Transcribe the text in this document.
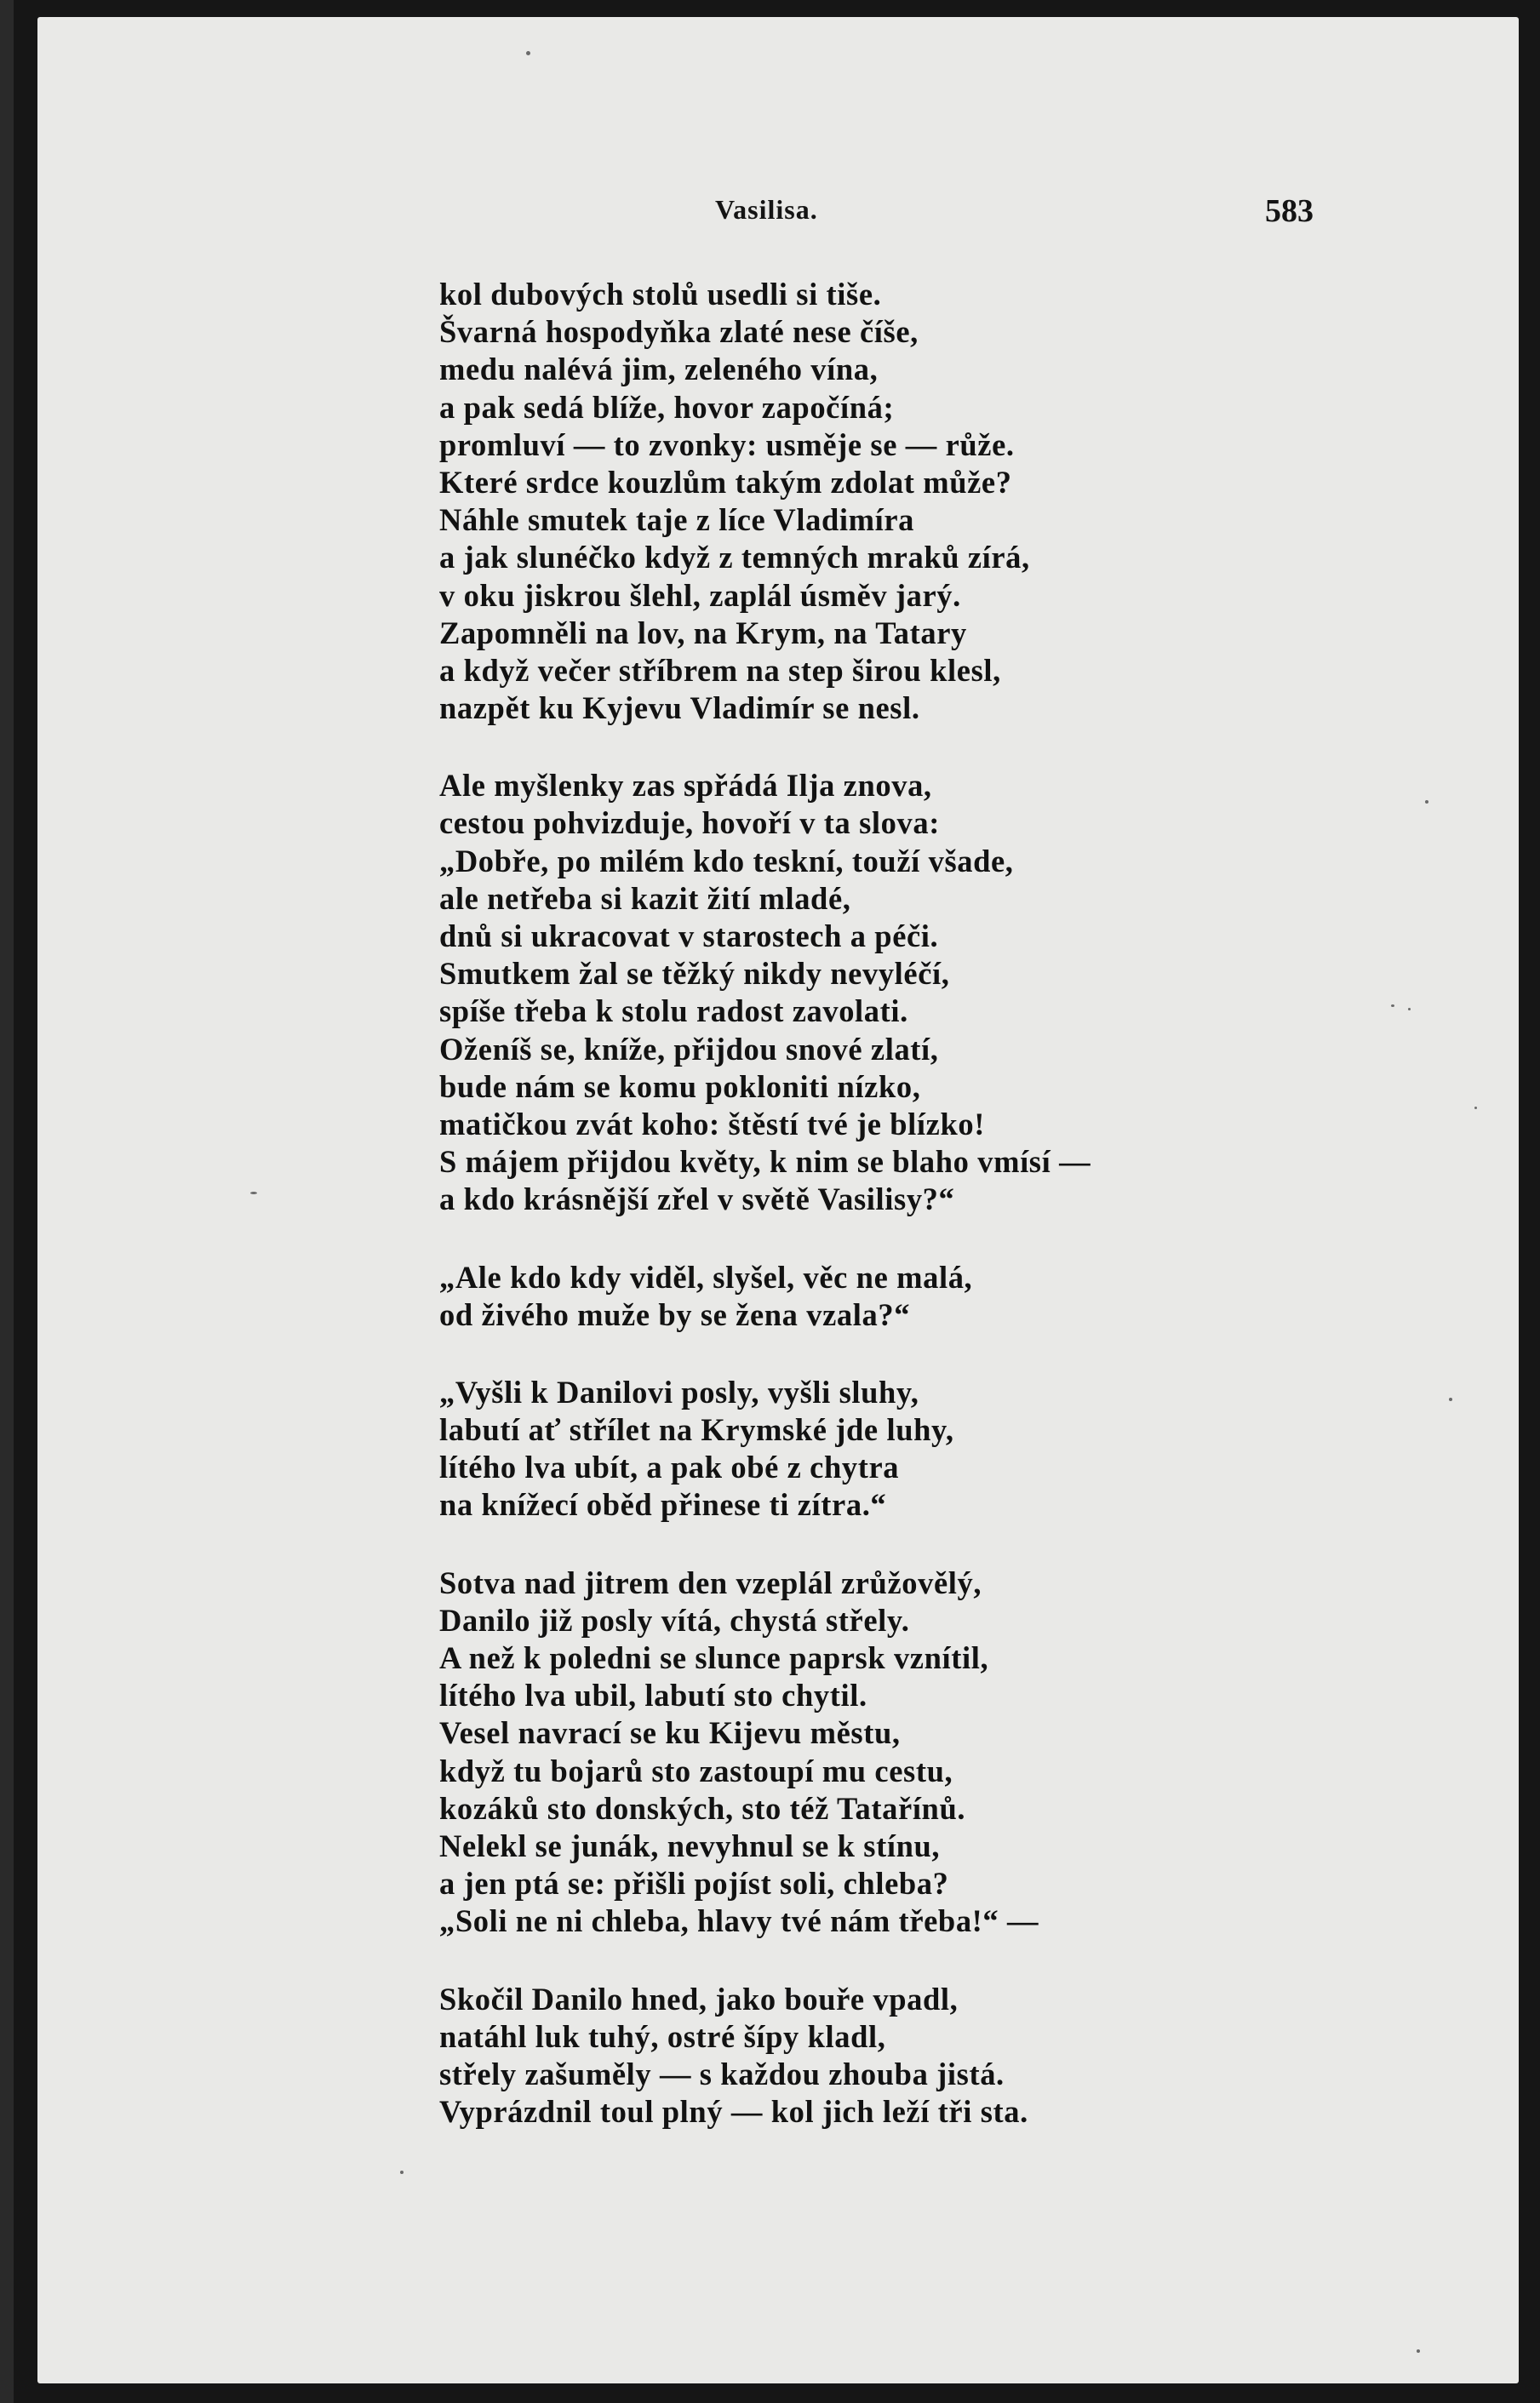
Vasilisa.	583
kol dubových stolů usedli si tiše.
Švarná hospodyňka zlaté nese číše,
medu nalévá jim, zeleného vína,
a pak sedá blíže, hovor započíná;
promluví — to zvonky: usměje se — růže.
Které srdce kouzlům takým zdolat může?
Náhle smutek taje z líce Vladimíra
a jak slunéčko když z temných mraků zírá,
v oku jiskrou šlehl, zaplál úsměv jarý.
Zapomněli na lov, na Krym, na Tatary
a když večer stříbrem na step širou klesl,
nazpět ku Kyjevu Vladimír se nesl.
Ale myšlenky zas spřádá Ilja znova,
cestou pohvizduje, hovoří v ta slova:
„Dobře, po milém kdo teskní, touží všade,
ale netřeba si kazit žití mladé,
dnů si ukracovat v starostech a péči.
Smutkem žal se těžký nikdy nevyléčí,
spíše třeba k stolu radost zavolati.
Oženíš se, kníže, přijdou snové zlatí,
bude nám se komu pokloniti nízko,
matičkou zvát koho: štěstí tvé je blízko!
S májem přijdou květy, k nim se blaho vmísí —
a kdo krásnější zřel v světě Vasilisy?“
„Ale kdo kdy viděl, slyšel, věc ne malá,
od živého muže by se žena vzala?“
„Vyšli k Danilovi posly, vyšli sluhy,
labutí ať střílet na Krymské jde luhy,
lítého lva ubít, a pak obé z chytra
na knížecí oběd přinese ti zítra.“
Sotva nad jitrem den vzeplál zrůžovělý,
Danilo již posly vítá, chystá střely.
A než k poledni se slunce paprsk vznítil,
lítého lva ubil, labutí sto chytil.
Vesel navrací se ku Kijevu městu,
když tu bojarů sto zastoupí mu cestu,
kozáků sto donských, sto též Tatařínů.
Nelekl se junák, nevyhnul se k stínu,
a jen ptá se: přišli pojíst soli, chleba?
„Soli ne ni chleba, hlavy tvé nám třeba!“ —
Skočil Danilo hned, jako bouře vpadl,
natáhl luk tuhý, ostré šípy kladl,
střely zašuměly — s každou zhouba jistá.
Vyprázdnil toul plný — kol jich leží tři sta.
